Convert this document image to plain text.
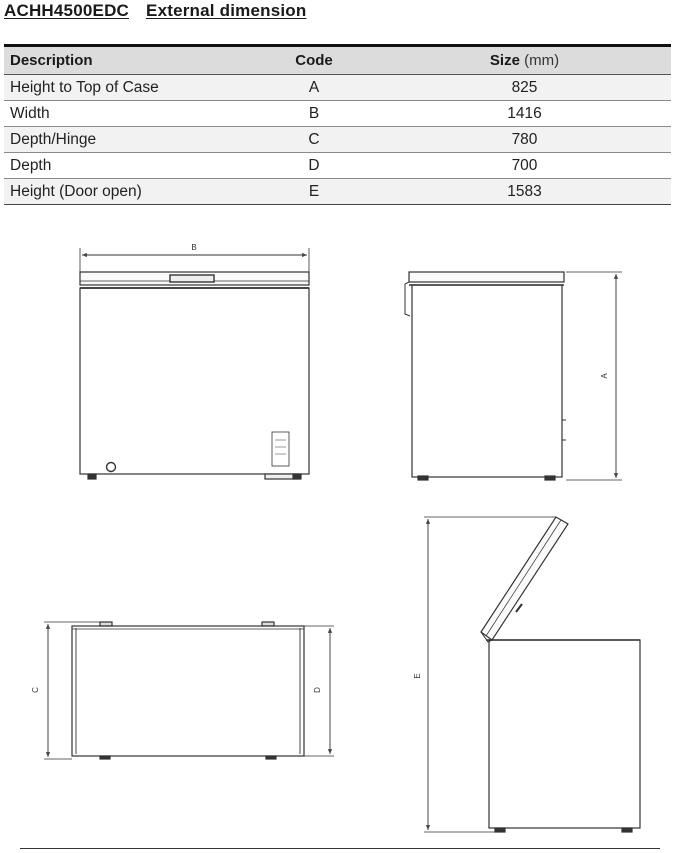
ACHH4500EDC External dimension
Description	Code	Size (mm)
Height to Top of Case	A	825
Width	B	1416
Depth/Hinge	C	780
Depth	D	700
Height (Door open)	E	1583
B
A
C	D
E
